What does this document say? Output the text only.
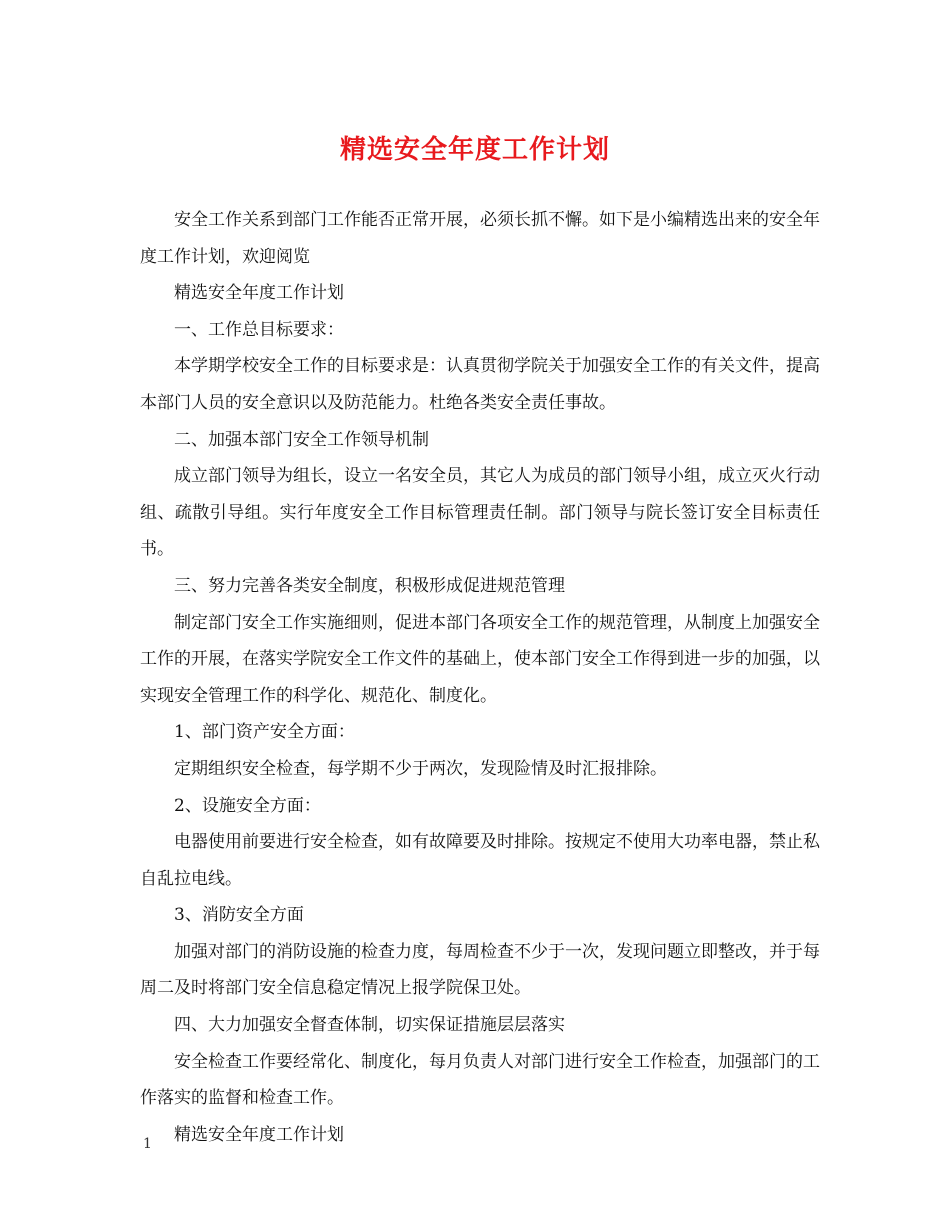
精选安全年度工作计划

安全工作关系到部门工作能否正常开展，必须长抓不懈。如下是小编精选出来的安全年度工作计划，欢迎阅览

精选安全年度工作计划

一、工作总目标要求：

本学期学校安全工作的目标要求是：认真贯彻学院关于加强安全工作的有关文件，提高本部门人员的安全意识以及防范能力。杜绝各类安全责任事故。

二、加强本部门安全工作领导机制

成立部门领导为组长，设立一名安全员，其它人为成员的部门领导小组，成立灭火行动组、疏散引导组。实行年度安全工作目标管理责任制。部门领导与院长签订安全目标责任书。

三、努力完善各类安全制度，积极形成促进规范管理

制定部门安全工作实施细则，促进本部门各项安全工作的规范管理，从制度上加强安全工作的开展，在落实学院安全工作文件的基础上，使本部门安全工作得到进一步的加强，以实现安全管理工作的科学化、规范化、制度化。

1、部门资产安全方面：

定期组织安全检查，每学期不少于两次，发现险情及时汇报排除。

2、设施安全方面：

电器使用前要进行安全检查，如有故障要及时排除。按规定不使用大功率电器，禁止私自乱拉电线。

3、消防安全方面

加强对部门的消防设施的检查力度，每周检查不少于一次，发现问题立即整改，并于每周二及时将部门安全信息稳定情况上报学院保卫处。

四、大力加强安全督查体制，切实保证措施层层落实

安全检查工作要经常化、制度化，每月负责人对部门进行安全工作检查，加强部门的工作落实的监督和检查工作。

精选安全年度工作计划

1
